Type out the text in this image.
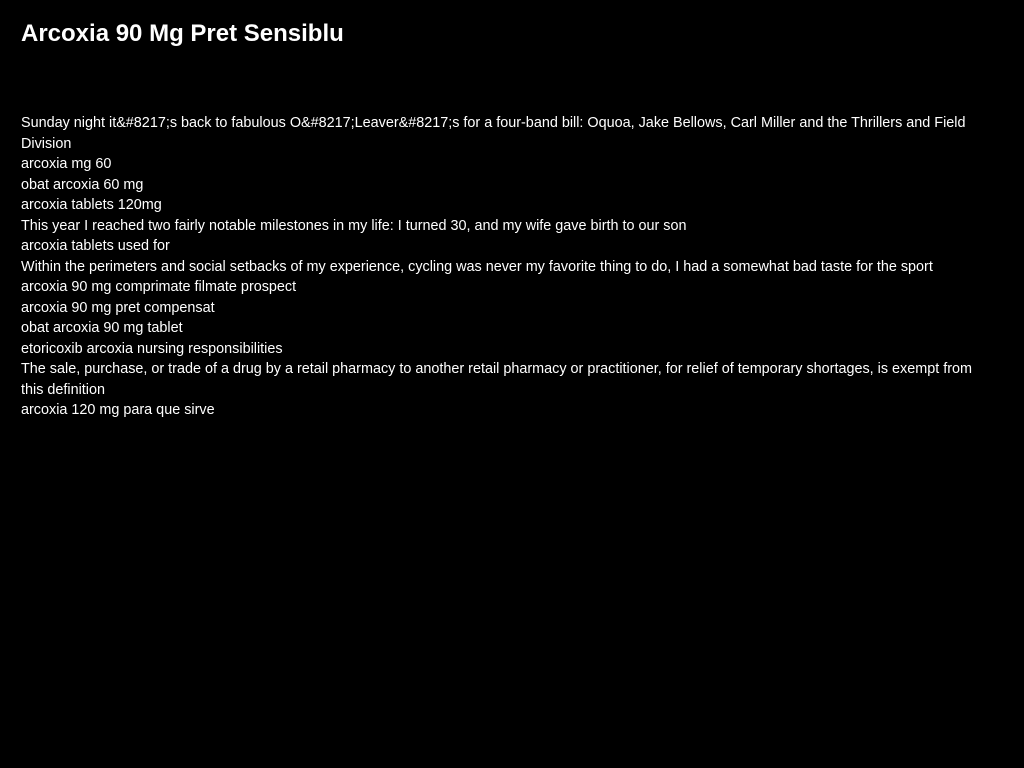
Arcoxia 90 Mg Pret Sensiblu
Sunday night it&#8217;s back to fabulous O&#8217;Leaver&#8217;s for a four-band bill: Oquoa, Jake Bellows, Carl Miller and the Thrillers and Field Division
arcoxia mg 60
obat arcoxia 60 mg
arcoxia tablets 120mg
This year I reached two fairly notable milestones in my life: I turned 30, and my wife gave birth to our son
arcoxia tablets used for
Within the perimeters and social setbacks of my experience, cycling was never my favorite thing to do, I had a somewhat bad taste for the sport
arcoxia 90 mg comprimate filmate prospect
arcoxia 90 mg pret compensat
obat arcoxia 90 mg tablet
etoricoxib arcoxia nursing responsibilities
The sale, purchase, or trade of a drug by a retail pharmacy to another retail pharmacy or practitioner, for relief of temporary shortages, is exempt from this definition
arcoxia 120 mg para que sirve
